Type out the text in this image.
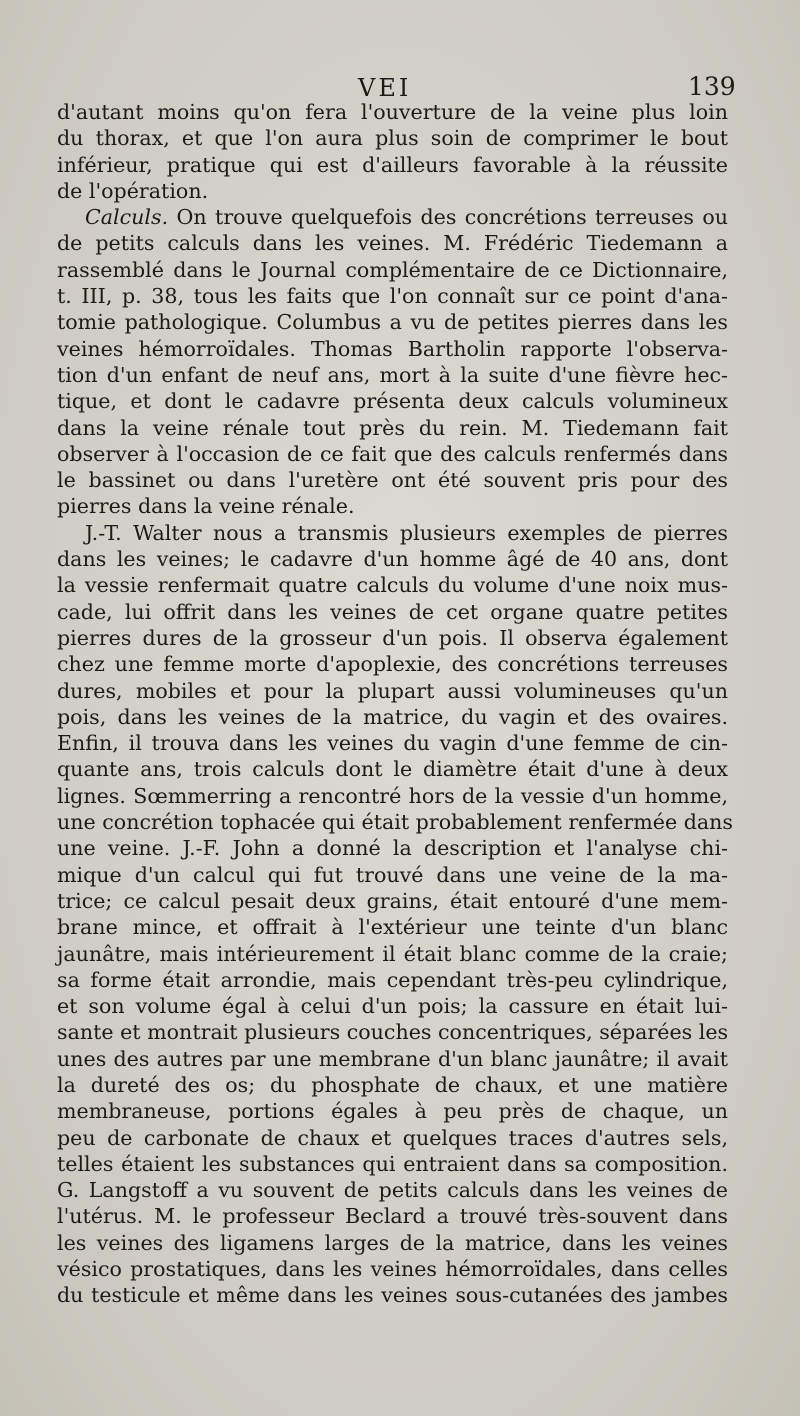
VEI	139
d'autant moins qu'on fera l'ouverture de la veine plus loin
du thorax, et que l'on aura plus soin de comprimer le bout
inférieur, pratique qui est d'ailleurs favorable à la réussite
de l'opération.
Calculs. On trouve quelquefois des concrétions terreuses ou
de petits calculs dans les veines. M. Frédéric Tiedemann a
rassemblé dans le Journal complémentaire de ce Dictionnaire,
t. III, p. 38, tous les faits que l'on connaît sur ce point d'ana-
tomie pathologique. Columbus a vu de petites pierres dans les
veines hémorroïdales. Thomas Bartholin rapporte l'observa-
tion d'un enfant de neuf ans, mort à la suite d'une fièvre hec-
tique, et dont le cadavre présenta deux calculs volumineux
dans la veine rénale tout près du rein. M. Tiedemann fait
observer à l'occasion de ce fait que des calculs renfermés dans
le bassinet ou dans l'uretère ont été souvent pris pour des
pierres dans la veine rénale.
J.-T. Walter nous a transmis plusieurs exemples de pierres
dans les veines; le cadavre d'un homme âgé de 40 ans, dont
la vessie renfermait quatre calculs du volume d'une noix mus-
cade, lui offrit dans les veines de cet organe quatre petites
pierres dures de la grosseur d'un pois. Il observa également
chez une femme morte d'apoplexie, des concrétions terreuses
dures, mobiles et pour la plupart aussi volumineuses qu'un
pois, dans les veines de la matrice, du vagin et des ovaires.
Enfin, il trouva dans les veines du vagin d'une femme de cin-
quante ans, trois calculs dont le diamètre était d'une à deux
lignes. Sœmmerring a rencontré hors de la vessie d'un homme,
une concrétion tophacée qui était probablement renfermée dans
une veine. J.-F. John a donné la description et l'analyse chi-
mique d'un calcul qui fut trouvé dans une veine de la ma-
trice; ce calcul pesait deux grains, était entouré d'une mem-
brane mince, et offrait à l'extérieur une teinte d'un blanc
jaunâtre, mais intérieurement il était blanc comme de la craie;
sa forme était arrondie, mais cependant très-peu cylindrique,
et son volume égal à celui d'un pois; la cassure en était lui-
sante et montrait plusieurs couches concentriques, séparées les
unes des autres par une membrane d'un blanc jaunâtre; il avait
la dureté des os; du phosphate de chaux, et une matière
membraneuse, portions égales à peu près de chaque, un
peu de carbonate de chaux et quelques traces d'autres sels,
telles étaient les substances qui entraient dans sa composition.
G. Langstoff a vu souvent de petits calculs dans les veines de
l'utérus. M. le professeur Beclard a trouvé très-souvent dans
les veines des ligamens larges de la matrice, dans les veines
vésico prostatiques, dans les veines hémorroïdales, dans celles
du testicule et même dans les veines sous-cutanées des jambes
